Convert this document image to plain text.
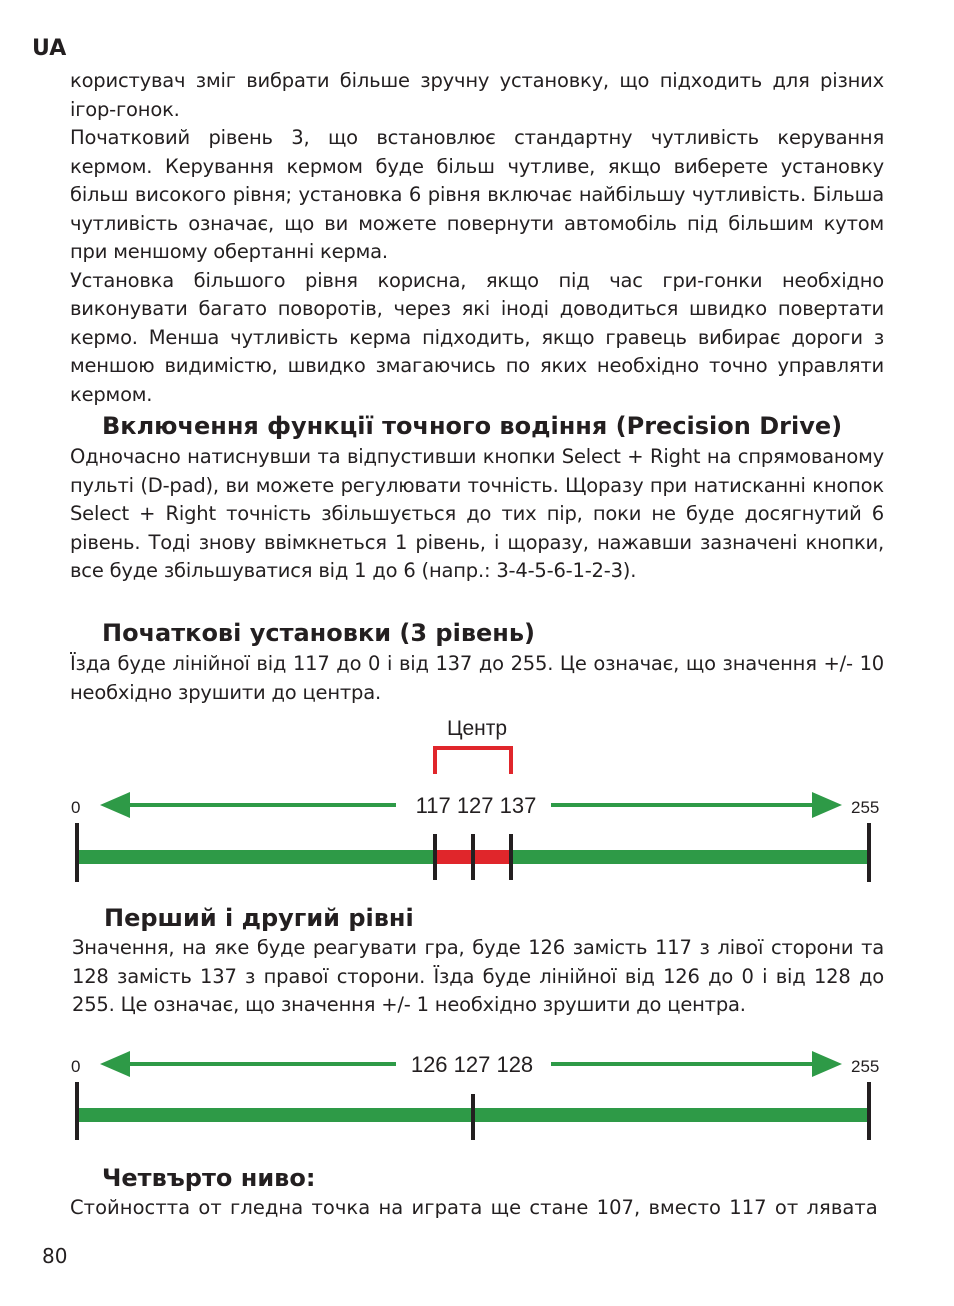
UA

користувач зміг вибрати більше зручну установку, що підходить для різних ігор-гонок.

Початковий рівень 3, що встановлює стандартну чутливість керування кермом. Керування кермом буде більш чутливе, якщо виберете установку більш високого рівня; установка 6 рівня включає найбільшу чутливість. Більша чутливість означає, що ви можете повернути автомобіль під більшим кутом при меншому обертанні керма.

Установка більшого рівня корисна, якщо під час гри-гонки необхідно виконувати багато поворотів, через які іноді доводиться швидко повертати кермо. Менша чутливість керма підходить, якщо гравець вибирає дороги з меншою видимістю, швидко змагаючись по яких необхідно точно управляти кермом.

Включення функції точного водіння (Precision Drive)
Одночасно натиснувши та відпустивши кнопки Select + Right на спрямованому пульті (D-pad), ви можете регулювати точність. Щоразу при натисканні кнопок Select + Right точність збільшується до тих пір, поки не буде досягнутий 6 рівень. Тоді знову ввімкнеться 1 рівень, і щоразу, нажавши зазначені кнопки, все буде збільшуватися від 1 до 6 (напр.: 3-4-5-6-1-2-3).
Початкові установки (3 рівень)
Їзда буде лінійної від 117 до 0 і від 137 до 255. Це означає, що значення +/- 10 необхідно зрушити до центра.
Центр
0	255
117 127 137
Перший і другий рівні
Значення, на яке буде реагувати гра, буде 126 замість 117 з лівої сторони та 128 замість 137 з правої сторони. Їзда буде лінійної від 126 до 0 і від 128 до 255. Це означає, що значення +/- 1 необхідно зрушити до центра.
0	255
126 127 128
Четвърто ниво:
Стойността от гледна точка на играта ще стане 107, вместо 117 от лявата
80
